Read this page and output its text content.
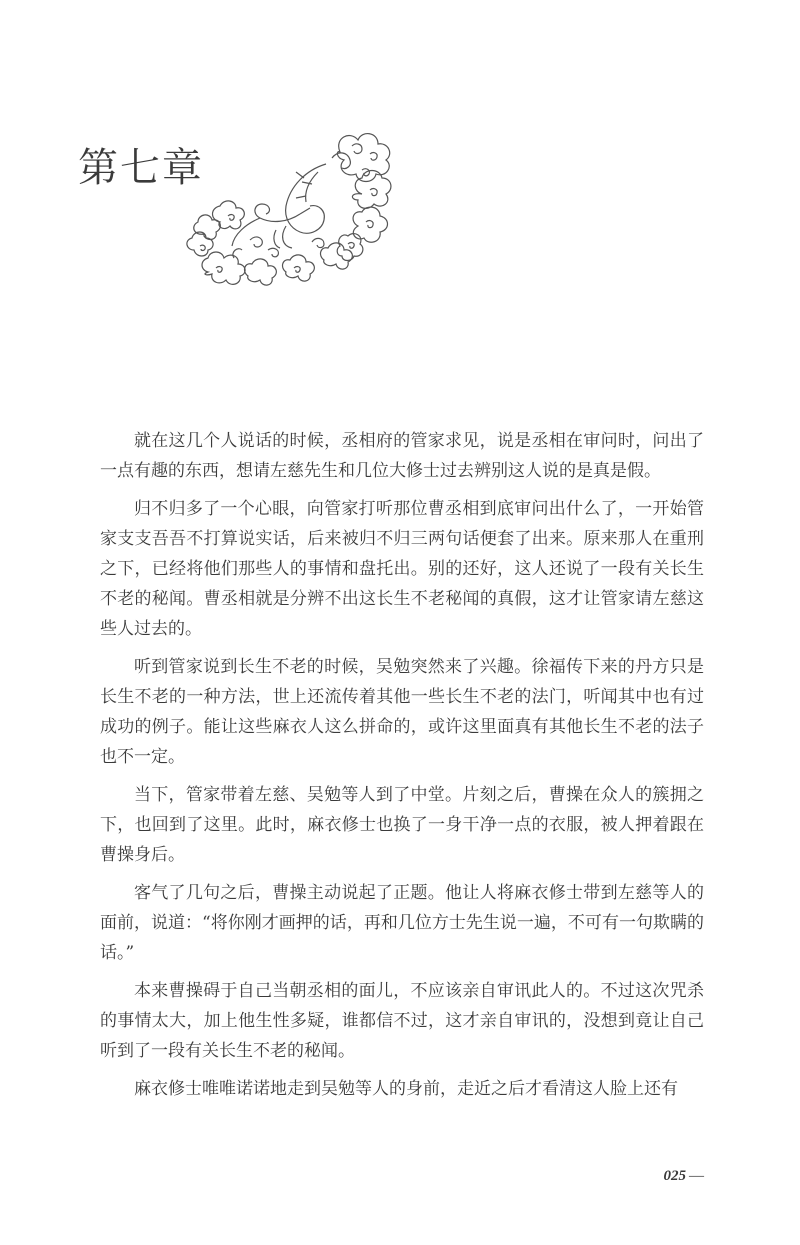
第七章

就在这几个人说话的时候，丞相府的管家求见，说是丞相在审问时，问出了一点有趣的东西，想请左慈先生和几位大修士过去辨别这人说的是真是假。

归不归多了一个心眼，向管家打听那位曹丞相到底审问出什么了，一开始管家支支吾吾不打算说实话，后来被归不归三两句话便套了出来。原来那人在重刑之下，已经将他们那些人的事情和盘托出。别的还好，这人还说了一段有关长生不老的秘闻。曹丞相就是分辨不出这长生不老秘闻的真假，这才让管家请左慈这些人过去的。

听到管家说到长生不老的时候，吴勉突然来了兴趣。徐福传下来的丹方只是长生不老的一种方法，世上还流传着其他一些长生不老的法门，听闻其中也有过成功的例子。能让这些麻衣人这么拼命的，或许这里面真有其他长生不老的法子也不一定。

当下，管家带着左慈、吴勉等人到了中堂。片刻之后，曹操在众人的簇拥之下，也回到了这里。此时，麻衣修士也换了一身干净一点的衣服，被人押着跟在曹操身后。

客气了几句之后，曹操主动说起了正题。他让人将麻衣修士带到左慈等人的面前，说道：“将你刚才画押的话，再和几位方士先生说一遍，不可有一句欺瞒的话。”

本来曹操碍于自己当朝丞相的面儿，不应该亲自审讯此人的。不过这次咒杀的事情太大，加上他生性多疑，谁都信不过，这才亲自审讯的，没想到竟让自己听到了一段有关长生不老的秘闻。

麻衣修士唯唯诺诺地走到吴勉等人的身前，走近之后才看清这人脸上还有

025 —
